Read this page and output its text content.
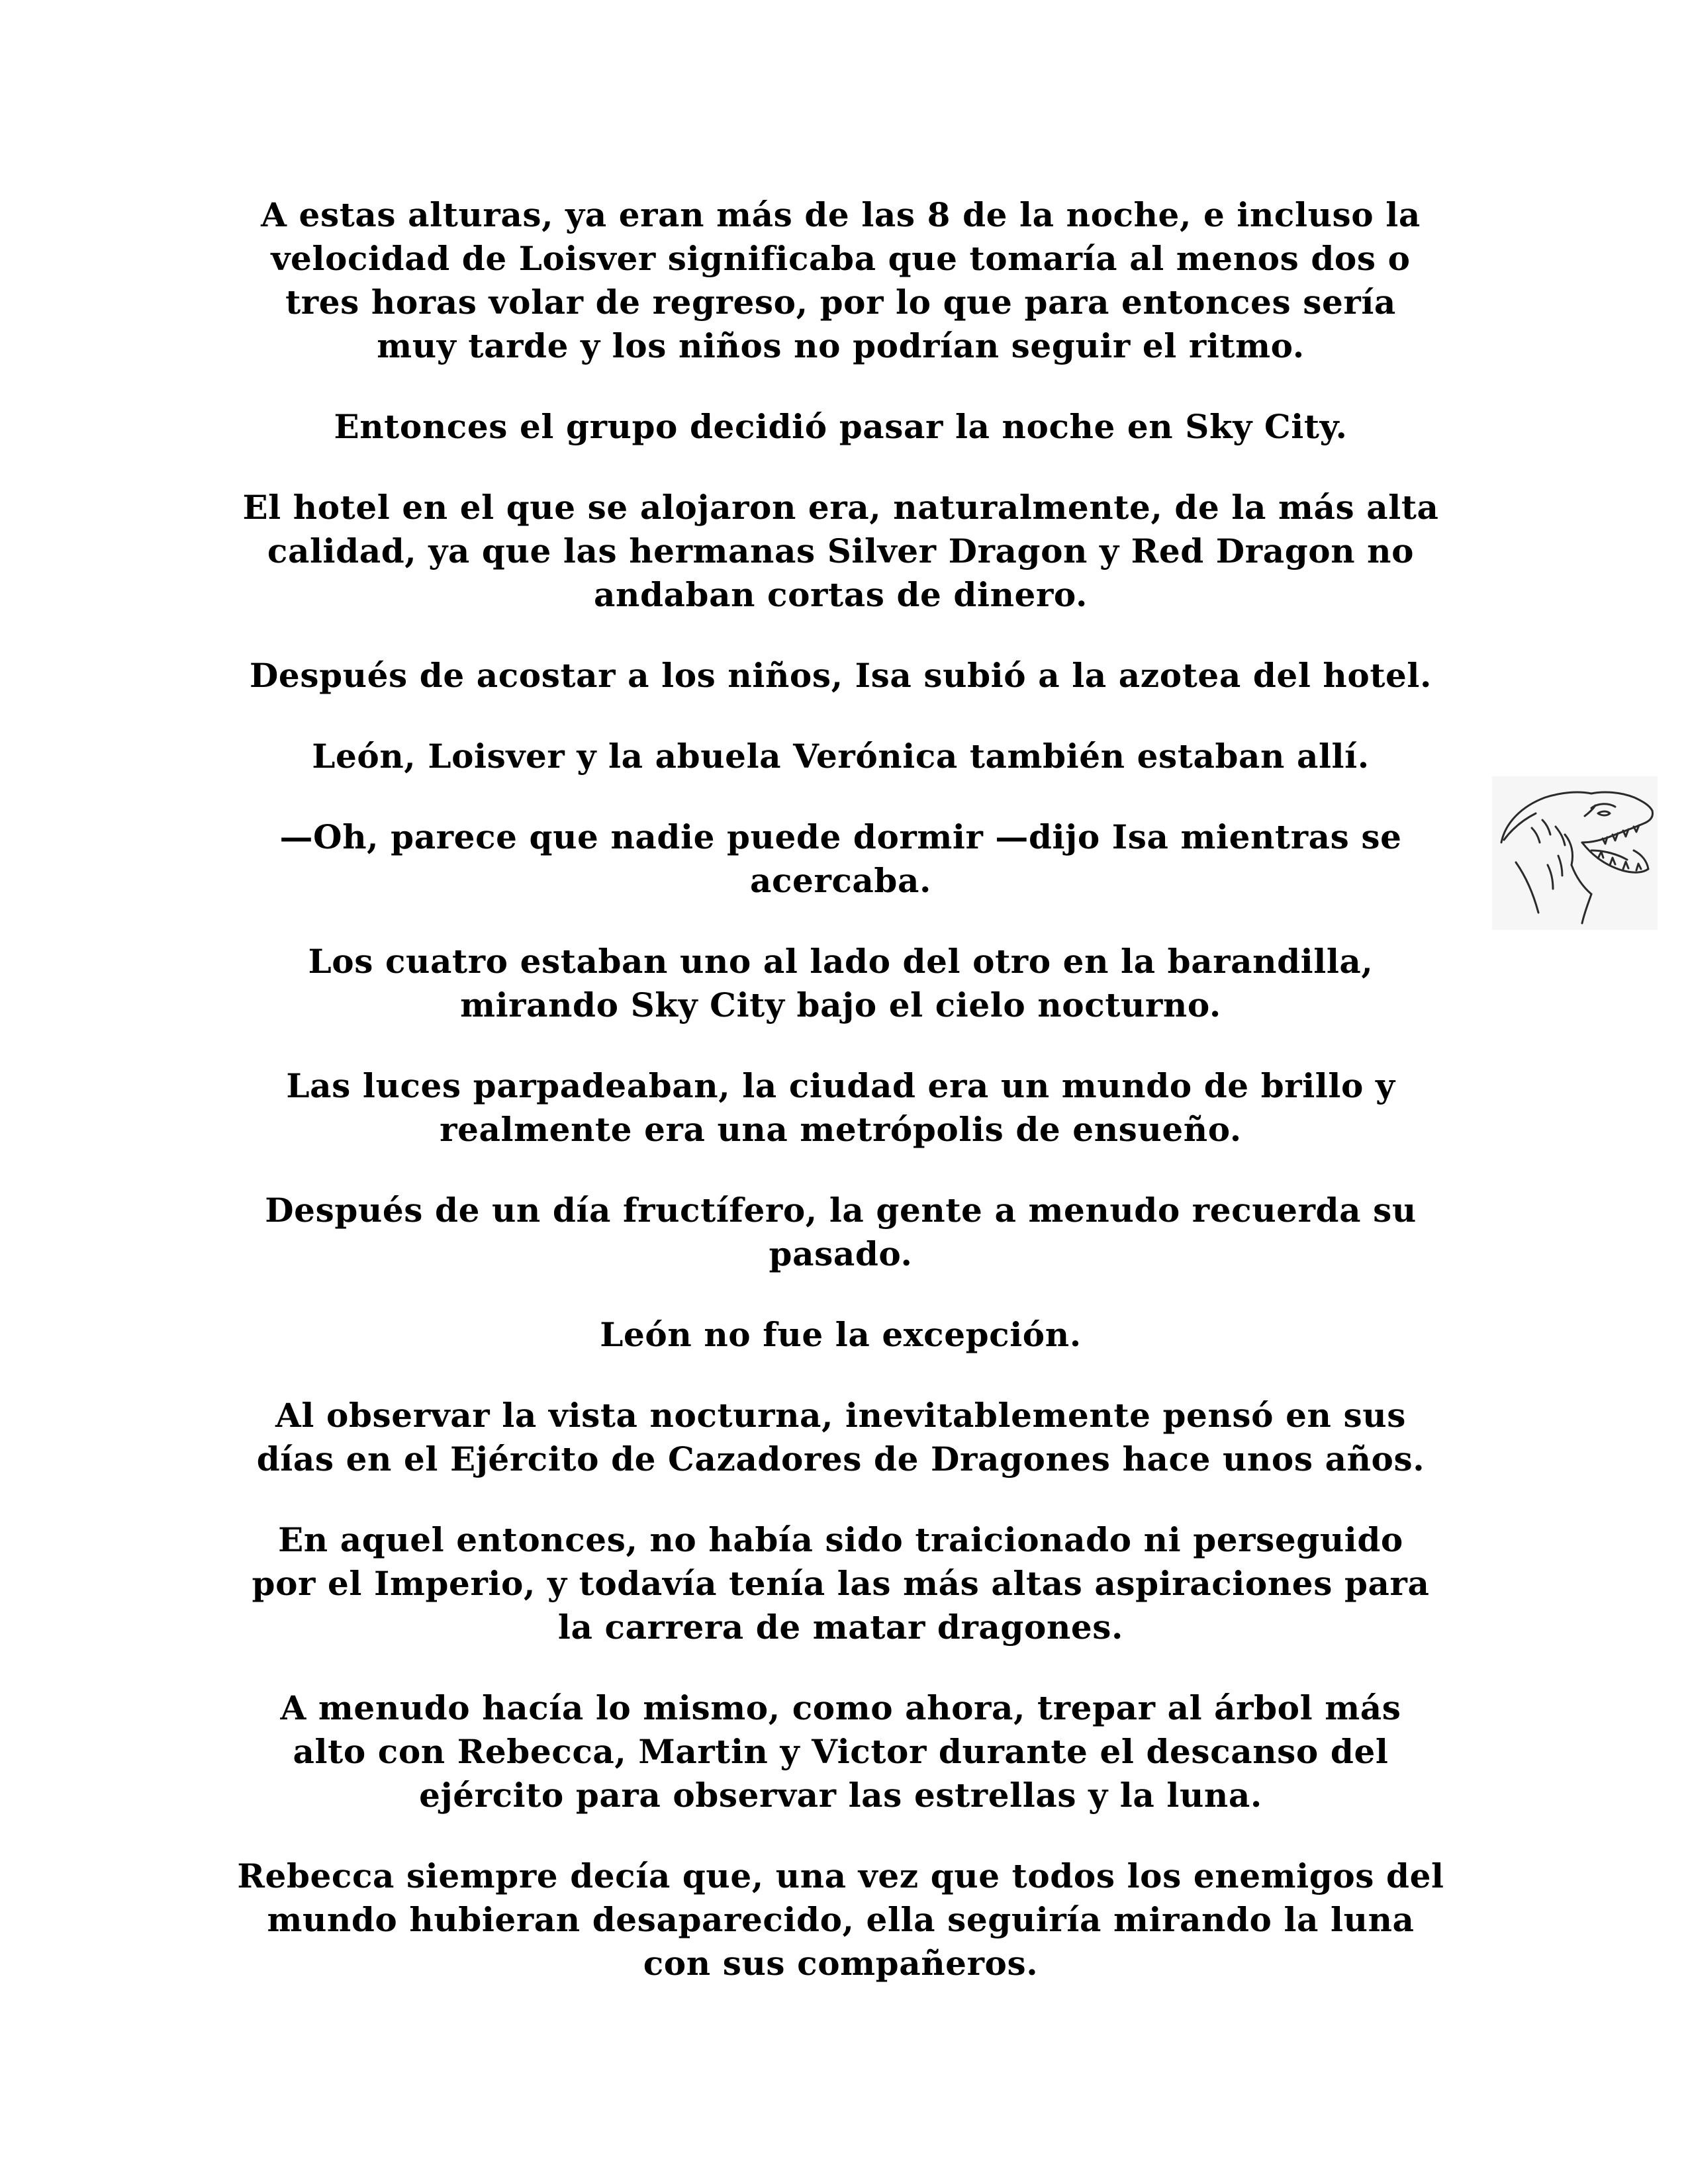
A estas alturas, ya eran más de las 8 de la noche, e incluso la
velocidad de Loisver significaba que tomaría al menos dos o
tres horas volar de regreso, por lo que para entonces sería
muy tarde y los niños no podrían seguir el ritmo.

Entonces el grupo decidió pasar la noche en Sky City.

El hotel en el que se alojaron era, naturalmente, de la más alta
calidad, ya que las hermanas Silver Dragon y Red Dragon no
andaban cortas de dinero.

Después de acostar a los niños, Isa subió a la azotea del hotel.

León, Loisver y la abuela Verónica también estaban allí.

—Oh, parece que nadie puede dormir —dijo Isa mientras se
acercaba.

Los cuatro estaban uno al lado del otro en la barandilla,
mirando Sky City bajo el cielo nocturno.

Las luces parpadeaban, la ciudad era un mundo de brillo y
realmente era una metrópolis de ensueño.

Después de un día fructífero, la gente a menudo recuerda su
pasado.

León no fue la excepción.

Al observar la vista nocturna, inevitablemente pensó en sus
días en el Ejército de Cazadores de Dragones hace unos años.

En aquel entonces, no había sido traicionado ni perseguido
por el Imperio, y todavía tenía las más altas aspiraciones para
la carrera de matar dragones.

A menudo hacía lo mismo, como ahora, trepar al árbol más
alto con Rebecca, Martin y Victor durante el descanso del
ejército para observar las estrellas y la luna.

Rebecca siempre decía que, una vez que todos los enemigos del
mundo hubieran desaparecido, ella seguiría mirando la luna
con sus compañeros.
